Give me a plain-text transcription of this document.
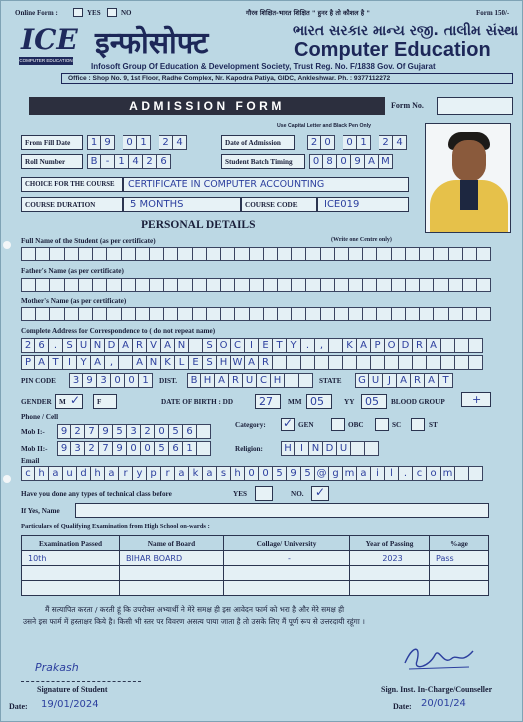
Online Form :	YES	NO	गौरव शिक्षित-भारत शिक्षित " हुनर है तो कौशल है "	Form 150/-
ICE
COMPUTER EDUCATION इन्फोसोफ्ट	ભારત સરકાર માન્ય રજી. તાલીમ સંસ્થા
Computer Education
Infosoft Group Of Education & Development Society, Trust Reg. No. F/1838 Gov. Of Gujarat
Office : Shop No. 9, 1st Floor, Radhe Complex, Nr. Kapodra Patiya, GIDC, Ankleshwar. Ph. : 9377112272
ADMISSION FORM	Form No.
Use Capital Letter and Black Pen Only
From Fill Date	1 9	0 1	2 4	Date of Admission	2 0	0 1	2 4
Roll Number	B - 1 4 2 6	Student Batch Timing	0 8 0 9 A M
CHOICE FOR THE COURSE CERTIFICATE IN COMPUTER ACCOUNTING
COURSE DURATION	5 MONTHS	COURSE CODE	ICE019
PERSONAL DETAILS
Full Name of the Student (as per certificate)	(Write one Centre only)
Father's Name (as per certificate)
Mother's Name (as per certificate)
Complete Address for Correspondence to ( do not repeat name)
2 6 . S U N D A R V A N	S O C I E T Y .	,	K A P O D R A
P A T I Y A ,	A N K L E S H W A R
PIN CODE	3 9 3 0 0 1	DIST.	B H A R U C H	STATE	G U J A R A T
GENDER M ✓ F	DATE OF BIRTH : DD 27 MM 05	YY 05 BLOOD GROUP +
Phone / Cell
Mob I:-	9 2 7 9 5 3 2 0 5 6
Mob II:-	9 3 2 7 9 0 0 5 6 1
Category: ✓ GEN	OBC	SC	ST
Religion:	H I N D U
Email
c h a u d h a r y p r a k a s h 0 0 5 9 5 @ g m a i	l	. c o m
Have you done any types of technical class before	YES	NO. ✓
If Yes, Name
Particulars of Qualifying Examination from High School on-wards :
Examination Passed	Name of Board	Collage/ University	Year of Passing	%age
10th	BIHAR BOARD	-	2023	Pass

मैं सत्यापित करता / करती हूं कि उपरोक्त अभ्यार्थी ने मेरे समक्ष ही इस आवेदन फार्म को भरा है और मेरे समक्ष ही
उसने इस फार्म में हस्ताक्षर किये है। किसी भी स्तर पर विवरण असत्य पाया जाता है तो उसके लिए मैं पूर्ण रूप से उत्तरदायी रहूंगा ।
Prakash
Signature of Student
Date: 19/01/2024
Sign. Inst. In-Charge/Counseller
Date: 20/01/24
